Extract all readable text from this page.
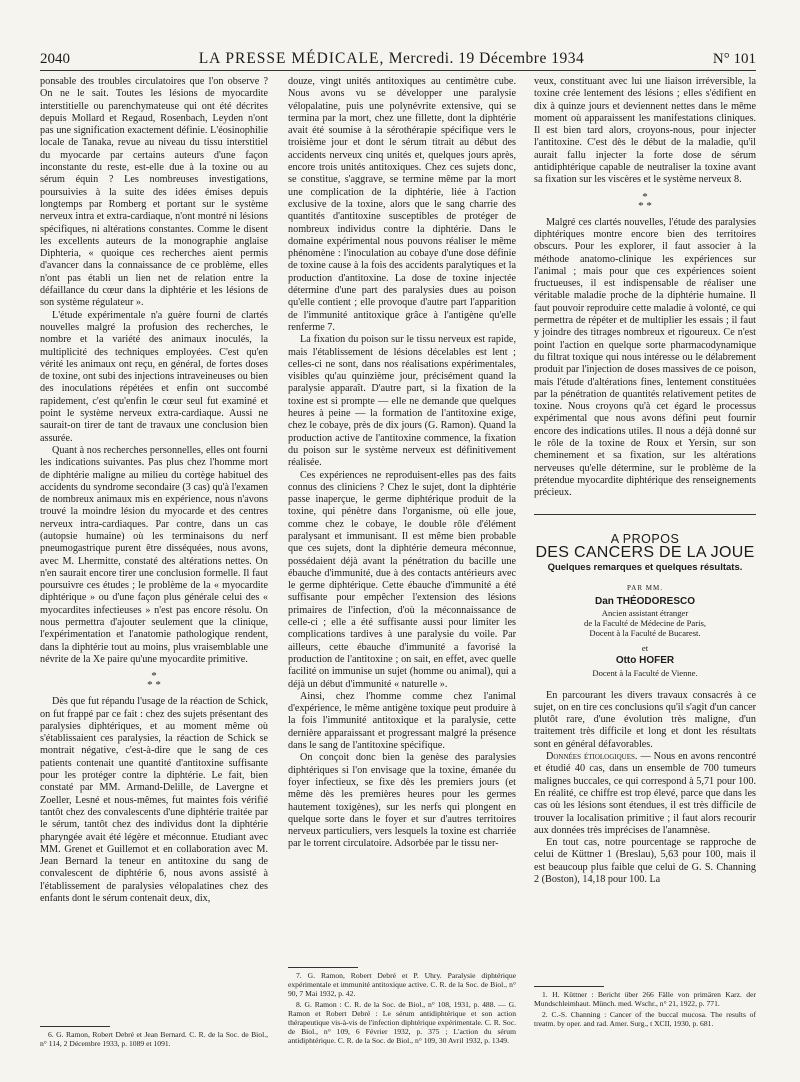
2040	LA PRESSE MÉDICALE, Mercredi. 19 Décembre 1934	N° 101

ponsable des troubles circulatoires que l'on observe ? On ne le sait. Toutes les lésions de myocardite interstitielle ou parenchymateuse qui ont été décrites depuis Mollard et Regaud, Rosenbach, Leyden n'ont pas une signification exactement définie. L'éosinophilie locale de Tanaka, revue au niveau du tissu interstitiel du myocarde par certains auteurs d'une façon inconstante du reste, est-elle due à la toxine ou au sérum équin ? Les nombreuses investigations, poursuivies à la suite des idées émises depuis longtemps par Romberg et portant sur le système nerveux intra et extra-cardiaque, n'ont montré ni lésions spécifiques, ni altérations constantes. Comme le disent les excellents auteurs de la monographie anglaise Diphteria, « quoique ces recherches aient permis d'avancer dans la connaissance de ce problème, elles n'ont pas établi un lien net de relation entre la défaillance du cœur dans la diphtérie et les lésions de son système régulateur ».

L'étude expérimentale n'a guère fourni de clartés nouvelles malgré la profusion des recherches, le nombre et la variété des animaux inoculés, la multiplicité des techniques employées. C'est qu'en vérité les animaux ont reçu, en général, de fortes doses de toxine, ont subi des injections intraveineuses ou bien des inoculations répétées et enfin ont succombé rapidement, c'est qu'enfin le cœur seul fut examiné et point le système nerveux extra-cardiaque. Aussi ne saurait-on tirer de tant de travaux une conclusion bien assurée.

Quant à nos recherches personnelles, elles ont fourni les indications suivantes. Pas plus chez l'homme mort de diphtérie maligne au milieu du cortège habituel des accidents du syndrome secondaire (3 cas) qu'à l'examen de nombreux animaux mis en expérience, nous n'avons trouvé la moindre lésion du myocarde et des centres nerveux intra-cardiaques. Par contre, dans un cas (autopsie humaine) où les terminaisons du nerf pneumogastrique purent être disséquées, nous avons, avec M. Lhermitte, constaté des altérations nettes. On n'en saurait encore tirer une conclusion formelle. Il faut poursuivre ces études ; le problème de la « myocardite diphtérique » ou d'une façon plus générale celui des « myocardites infectieuses » n'est pas encore résolu. On nous permettra d'ajouter seulement que la clinique, l'expérimentation et l'anatomie pathologique rendent, dans la diphtérie tout au moins, plus vraisemblable une névrite de la Xe paire qu'une myocardite primitive.

*
* *

Dès que fut répandu l'usage de la réaction de Schick, on fut frappé par ce fait : chez des sujets présentant des paralysies diphtériques, et au moment même où s'établissaient ces paralysies, la réaction de Schick se montrait négative, c'est-à-dire que le sang de ces patients contenait une quantité d'antitoxine suffisante pour les protéger contre la diphtérie. Le fait, bien constaté par MM. Armand-Delille, de Lavergne et Zoeller, Lesné et nous-mêmes, fut maintes fois vérifié tantôt chez des convalescents d'une diphtérie traitée par le sérum, tantôt chez des individus dont la diphtérie pharyngée avait été légère et méconnue. Etudiant avec MM. Grenet et Guillemot et en collaboration avec M. Jean Bernard la teneur en antitoxine du sang de convalescent de diphtérie 6, nous avons assisté à l'établissement de paralysies vélopalatines chez des enfants dont le sérum contenait deux, dix,

6. G. Ramon, Robert Debré et Jean Bernard. C. R. de la Soc. de Biol., n° 114, 2 Décembre 1933, p. 1089 et 1091.

douze, vingt unités antitoxiques au centimètre cube. Nous avons vu se développer une paralysie vélopalatine, puis une polynévrite extensive, qui se termina par la mort, chez une fillette, dont la diphtérie avait été soumise à la sérothérapie spécifique vers le troisième jour et dont le sérum titrait au début des accidents nerveux cinq unités et, quelques jours après, encore trois unités antitoxiques. Chez ces sujets donc, se constitue, s'aggrave, se termine même par la mort une complication de la diphtérie, liée à l'action exclusive de la toxine, alors que le sang charrie des quantités d'antitoxine susceptibles de protéger de nombreux individus contre la diphtérie. Dans le domaine expérimental nous pouvons réaliser le même phénomène : l'inoculation au cobaye d'une dose définie de toxine cause à la fois des accidents paralytiques et la production d'antitoxine. La dose de toxine injectée détermine d'une part des paralysies dues au poison qu'elle contient ; elle provoque d'autre part l'apparition de l'immunité antitoxique grâce à l'antigène qu'elle renferme 7.

La fixation du poison sur le tissu nerveux est rapide, mais l'établissement de lésions décelables est lent ; celles-ci ne sont, dans nos réalisations expérimentales, visibles qu'au quinzième jour, précisément quand la paralysie apparaît. D'autre part, si la fixation de la toxine est si prompte — elle ne demande que quelques heures à peine — la formation de l'antitoxine exige, chez le cobaye, près de dix jours (G. Ramon). Quand la production active de l'antitoxine commence, la fixation du poison sur le système nerveux est définitivement réalisée.

Ces expériences ne reproduisent-elles pas des faits connus des cliniciens ? Chez le sujet, dont la diphtérie passe inaperçue, le germe diphtérique produit de la toxine, qui pénètre dans l'organisme, où elle joue, comme chez le cobaye, le double rôle d'élément paralysant et immunisant. Il est même bien probable que ces sujets, dont la diphtérie demeura méconnue, possédaient déjà avant la pénétration du bacille une ébauche d'immunité, due à des contacts antérieurs avec le germe diphtérique. Cette ébauche d'immunité a été suffisante pour empêcher l'extension des lésions primaires de l'infection, d'où la méconnaissance de celle-ci ; elle a été suffisante aussi pour limiter les complications tardives à une paralysie du voile. Par ailleurs, cette ébauche d'immunité a favorisé la production de l'antitoxine ; on sait, en effet, avec quelle facilité on immunise un sujet (homme ou animal), qui a déjà un début d'immunité « naturelle ».

Ainsi, chez l'homme comme chez l'animal d'expérience, le même antigène toxique peut produire à la fois l'immunité antitoxique et la paralysie, cette dernière apparaissant et progressant malgré la présence dans le sang de l'antitoxine spécifique.

On conçoit donc bien la genèse des paralysies diphtériques si l'on envisage que la toxine, émanée du foyer infectieux, se fixe dès les premiers jours (et même dès les premières heures pour les germes hautement toxigènes), sur les nerfs qui plongent en quelque sorte dans le foyer et sur d'autres territoires nerveux particuliers, vers lesquels la toxine est charriée par le torrent circulatoire. Adsorbée par le tissu ner-

7. G. Ramon, Robert Debré et P. Uhry. Paralysie diphtérique expérimentale et immunité antitoxique active. C. R. de la Soc. de Biol., n° 90, 7 Mai 1932, p. 42.

8. G. Ramon : C. R. de la Soc. de Biol., n° 108, 1931, p. 488. — G. Ramon et Robert Debré : Le sérum antidiphtérique et son action thérapeutique vis-à-vis de l'infection diphtérique expérimentale. C. R. Soc. de Biol., n° 109, 6 Février 1932, p. 375 ; L'action du sérum antidiphtérique. C. R. de la Soc. de Biol., n° 109, 30 Avril 1932, p. 1349.

veux, constituant avec lui une liaison irréversible, la toxine crée lentement des lésions ; elles s'édifient en dix à quinze jours et deviennent nettes dans le même moment où apparaissent les manifestations cliniques. Il est bien tard alors, croyons-nous, pour injecter l'antitoxine. C'est dès le début de la maladie, qu'il aurait fallu injecter la forte dose de sérum antidiphtérique capable de neutraliser la toxine avant sa fixation sur les viscères et le système nerveux 8.

*
* *

Malgré ces clartés nouvelles, l'étude des paralysies diphtériques montre encore bien des territoires obscurs. Pour les explorer, il faut associer à la méthode anatomo-clinique les expériences sur l'animal ; mais pour que ces expériences soient fructueuses, il est indispensable de réaliser une véritable maladie proche de la diphtérie humaine. Il faut pouvoir reproduire cette maladie à volonté, ce qui permettra de répéter et de multiplier les essais ; il faut y joindre des titrages nombreux et rigoureux. Ce n'est point l'action en quelque sorte pharmacodynamique du filtrat toxique qui nous intéresse ou le délabrement produit par l'injection de doses massives de ce poison, mais l'étude d'altérations fines, lentement constituées par la pénétration de quantités relativement petites de toxine. Nous croyons qu'à cet égard le processus expérimental que nous avons défini peut fournir encore des indications utiles. Il nous a déjà donné sur le rôle de la toxine de Roux et Yersin, sur son cheminement et sa fixation, sur les altérations nerveuses qu'elle détermine, sur le problème de la prétendue myocardite diphtérique des renseignements précieux.

A PROPOS
DES CANCERS DE LA JOUE
Quelques remarques et quelques résultats.
PAR MM.
Dan THÉODORESCO
Ancien assistant étranger
de la Faculté de Médecine de Paris,
Docent à la Faculté de Bucarest.
et
Otto HOFER
Docent à la Faculté de Vienne.

En parcourant les divers travaux consacrés à ce sujet, on en tire ces conclusions qu'il s'agit d'un cancer plutôt rare, d'une évolution très maligne, d'un traitement très difficile et long et dont les résultats sont en général défavorables.

Données étiologiques. — Nous en avons rencontré et étudié 40 cas, dans un ensemble de 700 tumeurs malignes buccales, ce qui correspond à 5,71 pour 100. En réalité, ce chiffre est trop élevé, parce que dans les cas où les lésions sont étendues, il est très difficile de trouver la localisation primitive ; il faut alors recourir aux données très imprécises de l'anamnèse.

En tout cas, notre pourcentage se rapproche de celui de Küttner 1 (Breslau), 5,63 pour 100, mais il est beaucoup plus faible que celui de G. S. Channing 2 (Boston), 14,18 pour 100. La

1. H. Küttner : Bericht über 266 Fälle von primären Karz. der Mundschleimhaut. Münch. med. Wschr., n° 21, 1922, p. 771.

2. C.-S. Channing : Cancer of the buccal mucosa. The results of treatm. by oper. and rad. Amer. Surg., t XCII, 1930, p. 681.
